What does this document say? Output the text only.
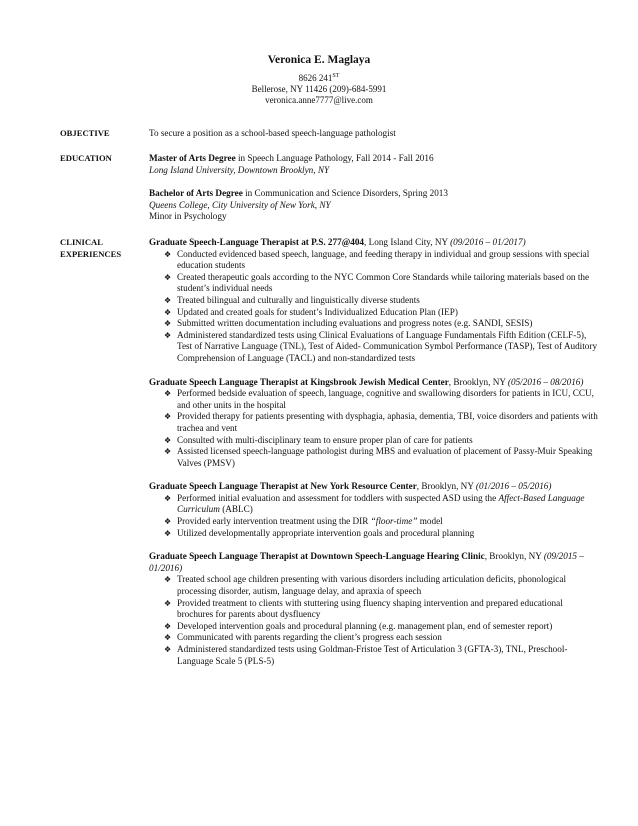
Veronica E. Maglaya
8626 241ST
Bellerose, NY 11426 (209)-684-5991
veronica.anne7777@live.com
OBJECTIVE	To secure a position as a school-based speech-language pathologist
EDUCATION	Master of Arts Degree in Speech Language Pathology, Fall 2014 - Fall 2016

Long Island University, Downtown Brooklyn, NY

Bachelor of Arts Degree in Communication and Science Disorders, Spring 2013

Queens College, City University of New York, NY

Minor in Psychology

CLINICAL
EXPERIENCES

Graduate Speech-Language Therapist at P.S. 277@404, Long Island City, NY (09/2016 – 01/2017)

❖ Conducted evidenced based speech, language, and feeding therapy in individual and group sessions with special education students
❖ Created therapeutic goals according to the NYC Common Core Standards while tailoring materials based on the student’s individual needs
❖ Treated bilingual and culturally and linguistically diverse students
❖ Updated and created goals for student’s Individualized Education Plan (IEP)
❖ Submitted written documentation including evaluations and progress notes (e.g. SANDI, SESIS)
❖ Administered standardized tests using Clinical Evaluations of Language Fundamentals Fifth Edition (CELF-5), Test of Narrative Language (TNL), Test of Aided- Communication Symbol Performance (TASP), Test of Auditory Comprehension of Language (TACL) and non-standardized tests

Graduate Speech Language Therapist at Kingsbrook Jewish Medical Center, Brooklyn, NY (05/2016 – 08/2016)

❖ Performed bedside evaluation of speech, language, cognitive and swallowing disorders for patients in ICU, CCU, and other units in the hospital
❖ Provided therapy for patients presenting with dysphagia, aphasia, dementia, TBI, voice disorders and patients with trachea and vent
❖ Consulted with multi-disciplinary team to ensure proper plan of care for patients
❖ Assisted licensed speech-language pathologist during MBS and evaluation of placement of Passy-Muir Speaking Valves (PMSV)

Graduate Speech Language Therapist at New York Resource Center, Brooklyn, NY (01/2016 – 05/2016)

❖ Performed initial evaluation and assessment for toddlers with suspected ASD using the Affect-Based Language Curriculum (ABLC)
❖ Provided early intervention treatment using the DIR “floor-time” model
❖ Utilized developmentally appropriate intervention goals and procedural planning

Graduate Speech Language Therapist at Downtown Speech-Language Hearing Clinic, Brooklyn, NY (09/2015 – 01/2016)

❖ Treated school age children presenting with various disorders including articulation deficits, phonological processing disorder, autism, language delay, and apraxia of speech
❖ Provided treatment to clients with stuttering using fluency shaping intervention and prepared educational brochures for parents about dysfluency
❖ Developed intervention goals and procedural planning (e.g. management plan, end of semester report)
❖ Communicated with parents regarding the client’s progress each session
❖ Administered standardized tests using Goldman-Fristoe Test of Articulation 3 (GFTA-3), TNL, Preschool-Language Scale 5 (PLS-5)
